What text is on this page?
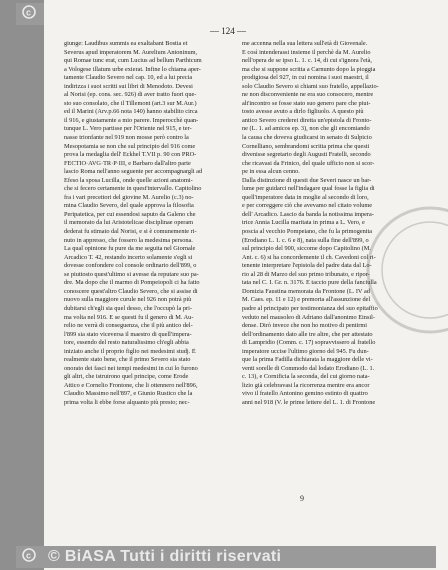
c
— 124 —
giunge: Laudibus summis ea exaltabant Bostia et
Severus apud imperatorem M. Aurelium Antoninum,
qui Romae tunc erat, cum Lucius ad bellum Parthicum
a Vologese illatum urbe exierat. Infine lo chiama aper-
tamente Claudio Severo nel cap. 10, ed a lui precia
indirizza i suoi scritti sui libri di Menodoto. Devesi
al Norisi (ep. cons. sec. 926) di aver tratto fuori que-
sto suo consolato, che il Tillemont (art.3 sur M.Aur.)
ed il Marini (Arv.p.66 nota 140) hanno stabilito circa
il 916, e giustamente a mio parere. Imperocchè quan-
tunque L. Vero partisse per l'Oriente nel 915, e ter-
nasse trionfante nel 919 non mosse però contro la
Mesopotamia se non che sul principio del 916 come
prova la medaglia dell' Eckhel T.VII p. 90 con PRO-
FECTIO·AVG·TR·P·III, e Barbaro dall'altro parte
lascio Roma nell'anno seguente per accompagnargli ad
Efeso la sposa Lucilla, onde quelle azioni anatomi-
che si fecero certamente in quest'intervallo. Capitolino
fra i vari precettori del giovine M. Aurelio (c.3) no-
mina Claudio Severo, del quale approva la filosofia
Peripatetica, per cui essendosi saputo da Galeno che
il memorato da lui Aristotelicae disciplinae operam
dederat fu stimato dal Norisi, e si è comunemente ri-
nuto in appresso, che fossero la medesima persona.
La qual opinione fu pure da me seguita nel Giornale
Arcadico T. 42, restando incerto solamente s'egli si
dovesse confondere col console ordinario dell'899, o
se piuttosto quest'ultimo si avesse da reputare suo pa-
dre. Ma dopo che il marmo di Pompeiopoli ci ha fatto
conoscere quest'altro Claudio Severo, che si assise di
nuovo sulla maggiore curule nel 926 non potrà più
dubitarsi ch'egli sia quel desso, che l'occupò la pri-
ma volta nel 916. E se questi fu il genero di M. Au-
relio ne verrà di conseguenza, che il più antico del-
l'899 sia stato viceversa il maestro di quell'impera-
tore, essendo del resto naturalissimo ch'egli abbia
iniziato anche il proprio figlio nei medesimi studj. È
realmente stato bene, che il primo Severo sia stato
onorato dei fasci nei tempi medesimi in cui lo furono
gli altri, che istruirono quel principe, come Erode
Attico e Cornelio Frontone, che li ottennero nell'896,
Claudio Massimo nell'897, e Giunio Rustico che la
prima volta li ebbe forse alquanto più presto; nec-
me accenna nella sua lettera sull'età di Giovenale.
E così intenderassi insieme il perchè da M. Aurelio
nell'opera de se ipso L. 1. c. 14, di cui s'ignora l'età,
ma che si suppone scritta a Carnunto dopo la pioggia
prodigiosa del 927, in cui nomina i suoi maestri, il
solo Claudio Severo si chiami suo fratello, appellazio-
ne non disconveniente ne era suo consocero, mentre
alt'incontro se fosse stato suo genero pare che piut-
tosto avesse avuto a dirlo figliuolo. A questo più
antico Severo crederei diretta un'epistola di Fronto-
ne (L. 1. ad amicos ep. 3), non che gli encomiando
la causa che doveva giudicarsi in senato di Sulpicio
Cornelliano, sembrandomi scritta prima che questi
divenisse segretario degli Augusti Fratelli, secondo
che ricavasi da Frinico, del quale ufficio non si scor-
pe in essa alcun cenno.
Dalla distinzione di questi due Severi nasce un bar-
lume per guidarci nell'indagare qual fosse la figlia di
quell'imperatore data in moglie al secondo di loro,
e per correggere ciò che avevamo nel citato volume
dell' Arcadico. Lascio da banda la notissima impera-
trice Annia Lucilla maritata in prima a L. Vero, e
poscia al vecchio Pompeiano, che fu la primogenita
(Erodiano L. 1. c. 6 e 8), nata sulla fine dell'899, o
sul principio del 900, siccome dopo Capitolino (M.
Ant. c. 6) si ha concordemente il ch. Cavedoni col ri-
tenente interpretare l'epistola del padre data dal Lo-
rio al 28 di Marzo del suo primo tribunato, e ripor-
tata nel C. I. Gr. n. 3176. E taccio pure della fanciulla
Domizia Faustina memorata da Frontone (L. IV ad
M. Caes. ep. 11 e 12) e premorta all'assunzione del
padre al principato per testimonianza del suo epitaffio
veduto nel mausoleo di Adriano dall'anonimo Einsil-
dense. Dirò invece che non ho motivo di pentirmi
dell'ordinamento dato alle tre altre, che per attestato
di Lampridio (Comm. c. 17) sopravvissero al fratello
imperatore uccise l'ultimo giorno del 945. Fu dun-
que la prima Fadilla dichiarata la maggiore delle vi-
venti sorelle di Commodo dal lodato Erodiano (L. 1.
c. 13), e Cornificia la seconda, del cui giorno nata-
lizio già celebravasi la ricorrenza mentre era ancor
vivo il fratello Antonino gemino estinto di quattro
anni nel 918 (V. le prime lettere del L. 1. di Frontone
9
c © BiASA Tutti i diritti riservati
